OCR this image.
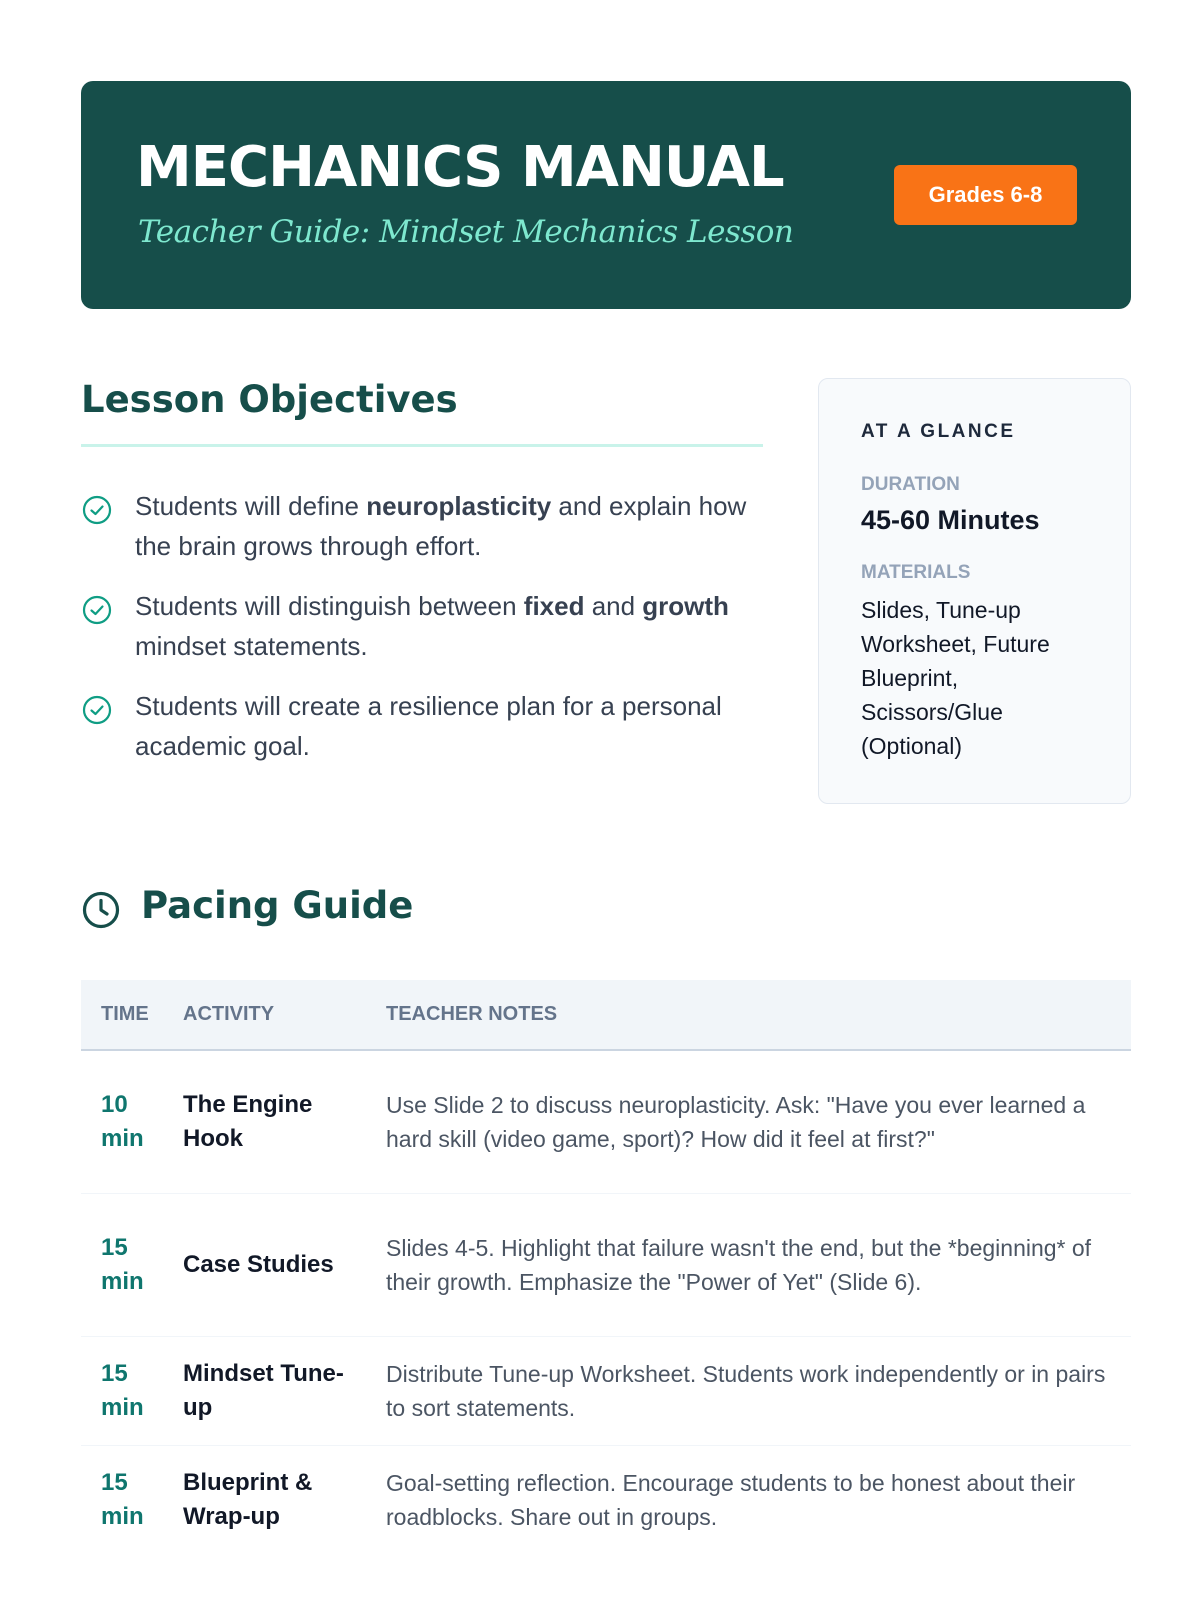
MECHANICS MANUAL
Teacher Guide: Mindset Mechanics Lesson
Grades 6-8
Lesson Objectives
Students will define neuroplasticity and explain how the brain grows through effort.
Students will distinguish between fixed and growth mindset statements.
Students will create a resilience plan for a personal academic goal.
AT A GLANCE
DURATION
45-60 Minutes
MATERIALS
Slides, Tune-up Worksheet, Future Blueprint, Scissors/Glue (Optional)
Pacing Guide
TIME	ACTIVITY	TEACHER NOTES
10
min	The Engine Hook	Use Slide 2 to discuss neuroplasticity. Ask: "Have you ever learned a hard skill (video game, sport)? How did it feel at first?"
15
min	Case Studies	Slides 4-5. Highlight that failure wasn't the end, but the *beginning* of their growth. Emphasize the "Power of Yet" (Slide 6).
15
min	Mindset Tune-up	Distribute Tune-up Worksheet. Students work independently or in pairs to sort statements.
15
min	Blueprint & Wrap-up	Goal-setting reflection. Encourage students to be honest about their roadblocks. Share out in groups.
